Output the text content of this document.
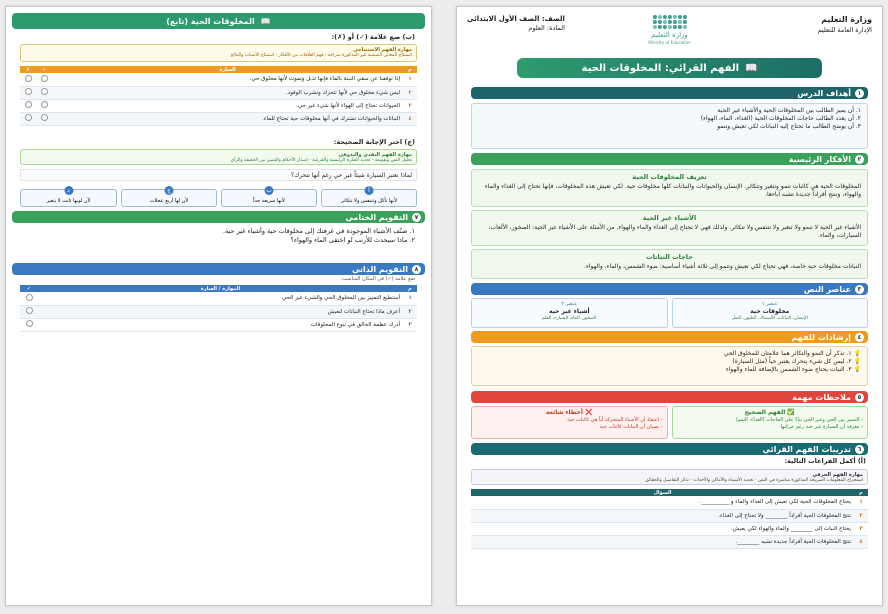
وزارة التعليم
الإدارة العامة للتعليم
وزارة التعليم
Ministry of Education
الصف: الصف الأول الابتدائي
المادة: العلوم
📖
الفهم القرائي: المخلوقات الحية
١
أهداف الدرس
١. أن يميز الطالب بين المخلوقات الحية والأشياء غير الحية
٢. أن يعدد الطالب حاجات المخلوقات الحية (الغذاء، الماء، الهواء)
٣. أن يوضح الطالب ما تحتاج إليه النباتات لكي تعيش وتنمو
٢
الأفكار الرئيسية
تعريف المخلوقات الحية
المخلوقات الحية هي كائنات تنمو وتتغير وتتكاثر. الإنسان والحيوانات والنباتات كلها مخلوقات حية. لكي تعيش هذه المخلوقات، فإنها تحتاج إلى الغذاء والماء والهواء، وتنتج أفراداً جديدة تشبه آباءها.
الأشياء غير الحية
الأشياء غير الحية لا تنمو ولا تتغير ولا تتنفس ولا تتكاثر. ولذلك فهي لا تحتاج إلى الغذاء والماء والهواء. من الأمثلة على الأشياء غير الحية: الصخور، الألعاب، السيارات، والماء.
حاجات النباتات
النباتات مخلوقات حية خاصة، فهي تحتاج لكي تعيش وتنمو إلى ثلاثة أشياء أساسية: ضوء الشمس، والماء، والهواء.
٣
عناصر النص
عنصر ١
مخلوقات حية
الإنسان، النباتات، الأسماك، الطيور، النمل
عنصر ٢
أشياء غير حية
الصخور، الماء، السيارة، القلم
٤
إرشادات للفهم
💡 ١. تذكر أن النمو والتكاثر هما علامتان للمخلوق الحي
💡 ٢. ليس كل شيء يتحرك يعتبر حياً (مثل السيارة)
💡 ٣. النبات يحتاج ضوء الشمس بالإضافة للماء والهواء
٥
ملاحظات مهمة
✅ الفهم الصحيح
- التمييز بين الحي وغير الحي بناءً على الحاجات (الغذاء، النمو)
- معرفة أن السيارة غير حية رغم حركتها
❌ أخطاء شائعة
- اعتقاد أن الأشياء المتحركة أياً هي كائنات حية
- نسيان أن النباتات كائنات حية
٦
تدريبات الفهم القرائي
(أ) أكمل الفراغات التالية:
مهارة الفهم الحرفي
استخراج المعلومات الصريحة المذكورة مباشرة في النص - تحديد الأسماء والأماكن والأحداث - تذكر التفاصيل والحقائق
م	السؤال
١	يحتاج المخلوقات الحية لكي تعيش إلى الغذاء والماء و __________.
٢	تنتج المخلوقات الحية أفراداً ________ ولا تحتاج إلى الغذاء.
٣	يحتاج النبات إلى ________ والماء والهواء لكي يعيش.
٤	تنتج المخلوقات الحية أفراداً جديدة تشبه ________.
📖
المخلوقات الحية (تابع)
(ب) ضع علامة (✓) أو (✗):
مهارة الفهم الاستنتاجي
استنتاج المعاني الضمنية غير المذكورة صراحة - فهم العلاقات بين الأفكار - استنتاج الأسباب والنتائج
م	العبارة	✓	✗
١	إذا توقفنا عن سقي النبتة بالماء فإنها تذبل وتموت لأنها مخلوق حي.		
٢	ليس شيء مخلوق حي لأنها تتحرك وتشرب الوقود.		
٣	الحيوانات تحتاج إلى الهواء لأنها شيء غير حي.		
٤	النباتات والحيوانات تشترك في أنها مخلوقات حية تحتاج للماء.		
(ج) اختر الإجابة الصحيحة:
مهارة الفهم النقدي والتذوقي
تحليل النص وتقويمه - تحديد الفكرة الرئيسية والفرعية - إصدار الأحكام والتمييز بين الحقيقة والرأي
لماذا نعتبر السيارة شيئاً غير حي رغم أنها تتحرك؟
أ
لأنها تأكل وتتنفس ولا تتكاثر
ب
لأنها سريعة جداً
ج
لأن لها أربع عجلات
د
لأن لونها ثابت لا يتغير
٧
التقويم الختامي
١. صنّف الأشياء الموجودة في غرفتك إلى مخلوقات حية وأشياء غير حية.
٢. ماذا سيحدث للأرنب لو اختفى الماء والهواء؟
٨
التقويم الذاتي
ضع علامة (✓) في المكان المناسب:
م	المهارة / العبارة	✓
١	أستطيع التمييز بين المخلوق الحي والشيء غير الحي	
٢	أعرف ماذا تحتاج النباتات لتعيش	
٣	أدرك عظمة الخالق في تنوع المخلوقات	
